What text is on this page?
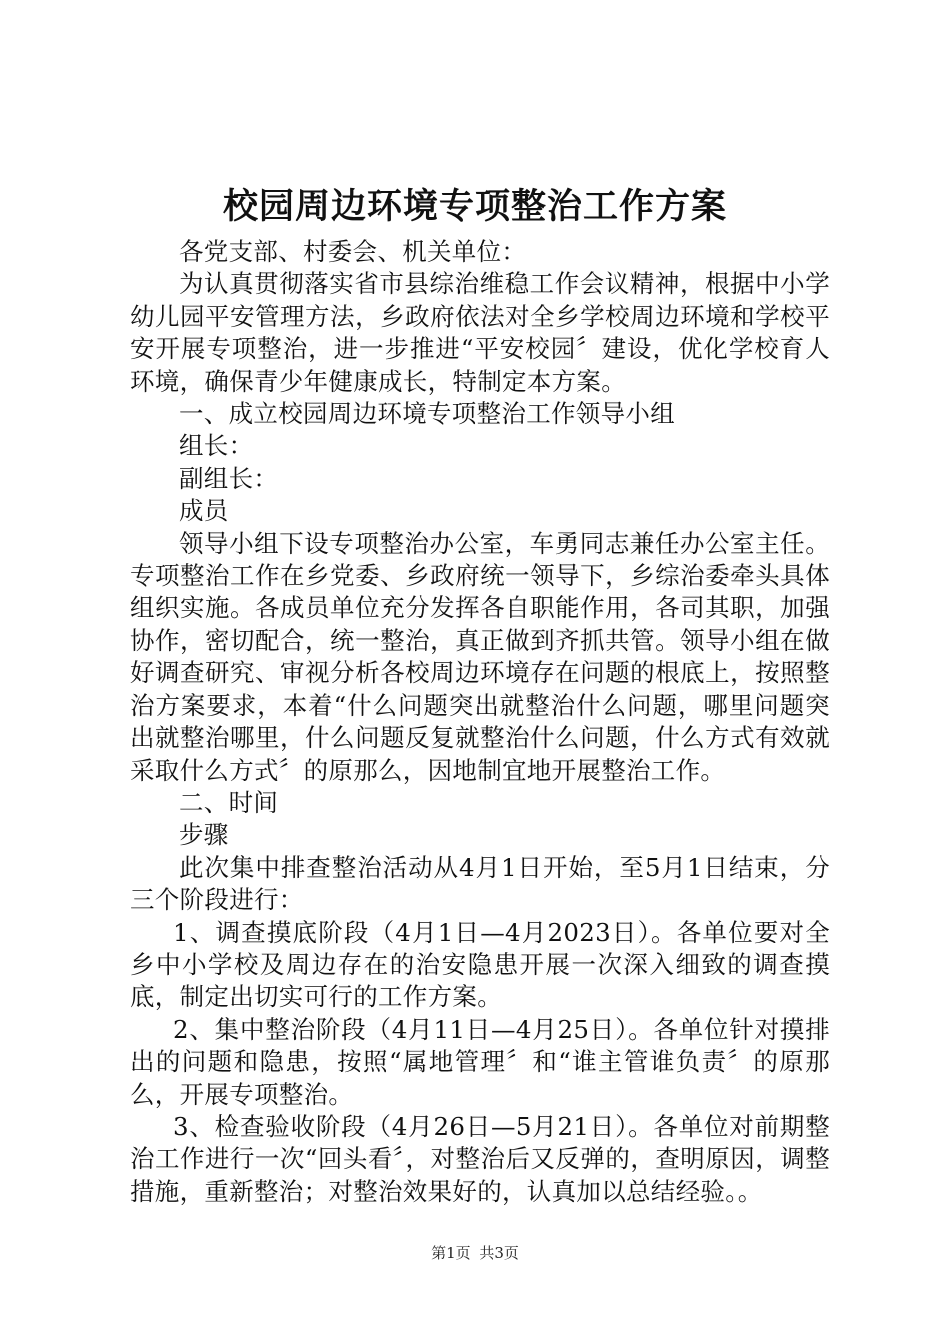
校园周边环境专项整治工作方案

各党支部、村委会、机关单位：

为认真贯彻落实省市县综治维稳工作会议精神，根据中小学幼儿园平安管理方法，乡政府依法对全乡学校周边环境和学校平安开展专项整治，进一步推进“平安校园〞建设，优化学校育人环境，确保青少年健康成长，特制定本方案。

一、成立校园周边环境专项整治工作领导小组

组长：

副组长：

成员

领导小组下设专项整治办公室，车勇同志兼任办公室主任。专项整治工作在乡党委、乡政府统一领导下，乡综治委牵头具体组织实施。各成员单位充分发挥各自职能作用，各司其职，加强协作，密切配合，统一整治，真正做到齐抓共管。领导小组在做好调查研究、审视分析各校周边环境存在问题的根底上，按照整治方案要求，本着“什么问题突出就整治什么问题，哪里问题突出就整治哪里，什么问题反复就整治什么问题，什么方式有效就采取什么方式〞的原那么，因地制宜地开展整治工作。

二、时间

步骤

此次集中排查整治活动从4月1日开始，至5月1日结束，分三个阶段进行：

1、调查摸底阶段（4月1日—4月2023日）。各单位要对全乡中小学校及周边存在的治安隐患开展一次深入细致的调查摸底，制定出切实可行的工作方案。

2、集中整治阶段（4月11日—4月25日）。各单位针对摸排出的问题和隐患，按照“属地管理〞和“谁主管谁负责〞的原那么，开展专项整治。

3、检查验收阶段（4月26日—5月21日）。各单位对前期整治工作进行一次“回头看〞，对整治后又反弹的，查明原因，调整措施，重新整治；对整治效果好的，认真加以总结经验。。

第1页 共3页
